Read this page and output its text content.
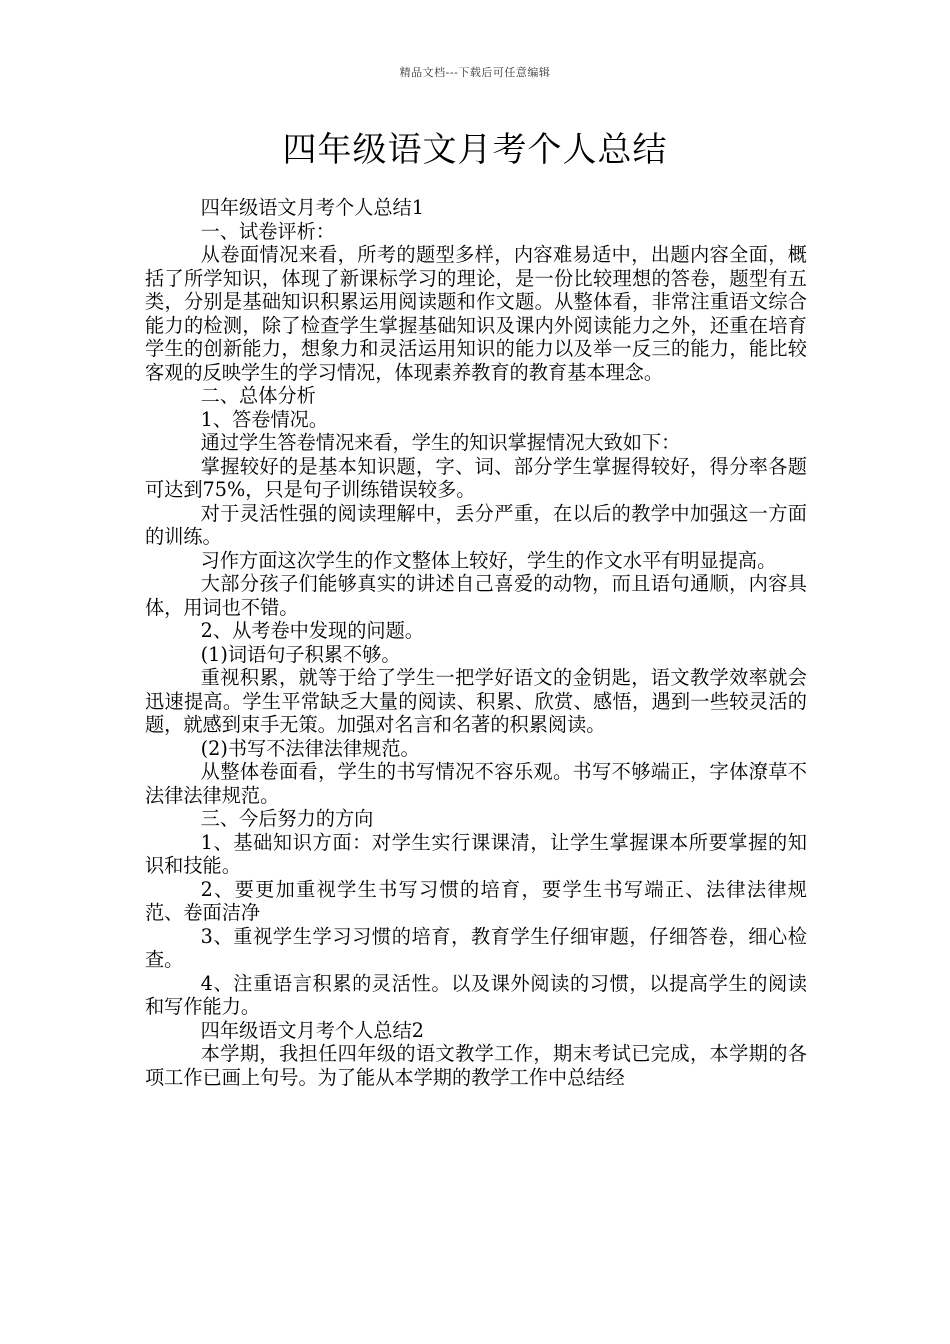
精品文档---下载后可任意编辑
四年级语文月考个人总结

四年级语文月考个人总结1

一、试卷评析：

从卷面情况来看，所考的题型多样，内容难易适中，出题内容全面，概括了所学知识，体现了新课标学习的理论，是一份比较理想的答卷，题型有五类，分别是基础知识积累运用阅读题和作文题。从整体看，非常注重语文综合能力的检测，除了检查学生掌握基础知识及课内外阅读能力之外，还重在培育学生的创新能力，想象力和灵活运用知识的能力以及举一反三的能力，能比较客观的反映学生的学习情况，体现素养教育的教育基本理念。

二、总体分析

1、答卷情况。

通过学生答卷情况来看，学生的知识掌握情况大致如下：

掌握较好的是基本知识题，字、词、部分学生掌握得较好，得分率各题可达到75%，只是句子训练错误较多。

对于灵活性强的阅读理解中，丢分严重，在以后的教学中加强这一方面的训练。

习作方面这次学生的作文整体上较好，学生的作文水平有明显提高。

大部分孩子们能够真实的讲述自己喜爱的动物，而且语句通顺，内容具体，用词也不错。

2、从考卷中发现的问题。

(1)词语句子积累不够。

重视积累，就等于给了学生一把学好语文的金钥匙，语文教学效率就会迅速提高。学生平常缺乏大量的阅读、积累、欣赏、感悟，遇到一些较灵活的题，就感到束手无策。加强对名言和名著的积累阅读。

(2)书写不法律法律规范。

从整体卷面看，学生的书写情况不容乐观。书写不够端正，字体潦草不法律法律规范。

三、今后努力的方向

1、基础知识方面：对学生实行课课清，让学生掌握课本所要掌握的知识和技能。

2、要更加重视学生书写习惯的培育，要学生书写端正、法律法律规范、卷面洁净

3、重视学生学习习惯的培育，教育学生仔细审题，仔细答卷，细心检查。

4、注重语言积累的灵活性。以及课外阅读的习惯，以提高学生的阅读和写作能力。

四年级语文月考个人总结2

本学期，我担任四年级的语文教学工作，期末考试已完成，本学期的各项工作已画上句号。为了能从本学期的教学工作中总结经
